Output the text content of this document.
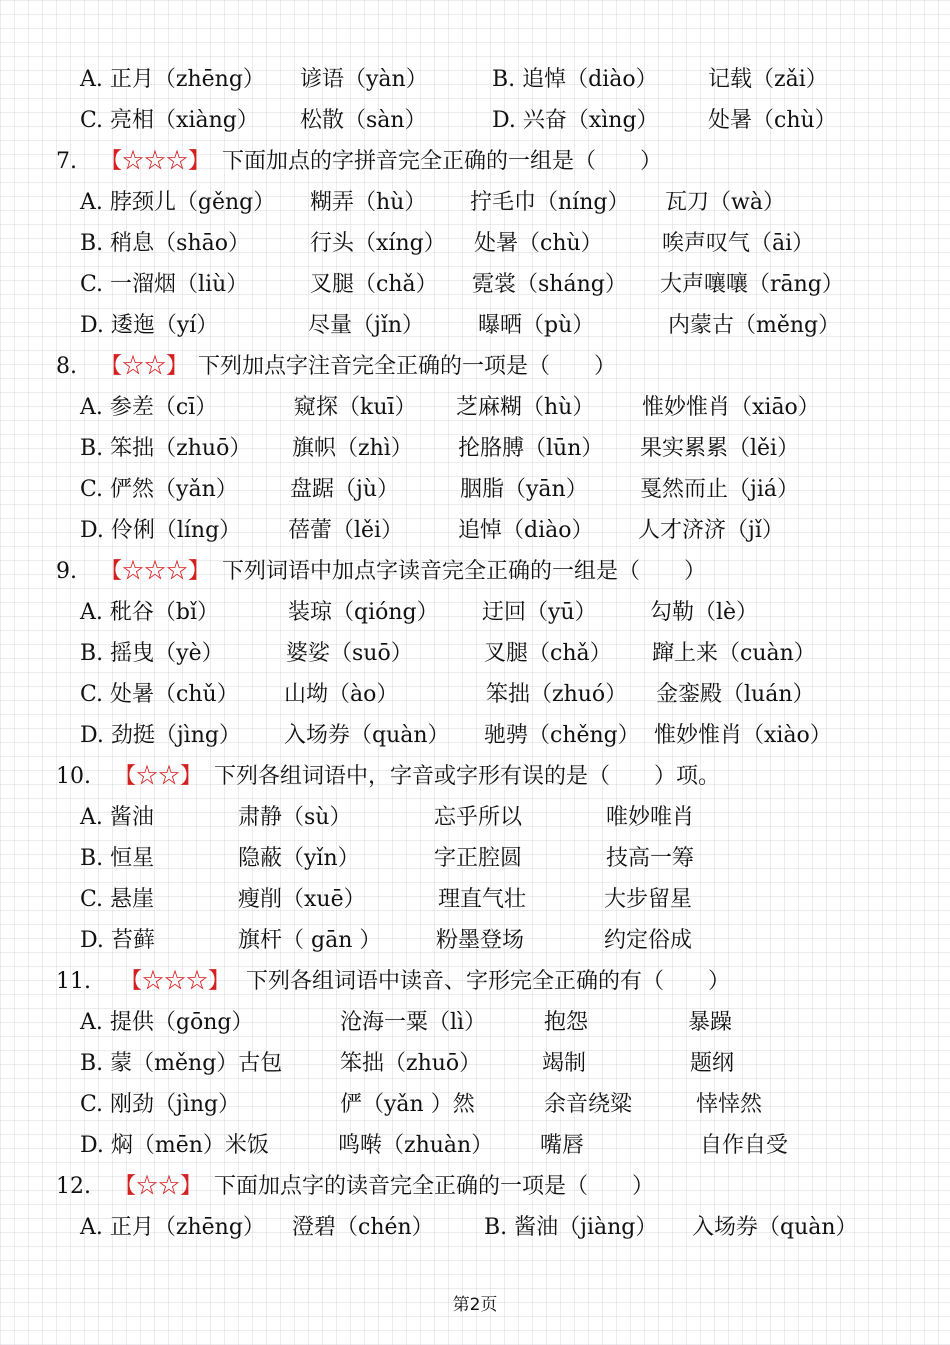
A. 正月（zhēng） 谚语（yàn）	B. 追悼（diào） 记载（zǎi）
C. 亮相（xiàng） 松散（sàn）	D. 兴奋（xìng） 处暑（chù）
7. 【☆☆☆】 下面加点的字拼音完全正确的一组是（　　）
A. 脖颈儿（gěng） 糊弄（hù） 拧毛巾（níng） 瓦刀（wà）
B. 稍息（shāo）	行头（xíng） 处暑（chù）	唉声叹气（āi）
C. 一溜烟（liù）	叉腿（chǎ） 霓裳（sháng） 大声嚷嚷（rāng）
D. 逶迤（yí）	尽量（jǐn） 曝晒（pù）	内蒙古（měng）
8. 【☆☆】 下列加点字注音完全正确的一项是（　　）
A. 参差（cī）	窥探（kuī） 芝麻糊（hù） 惟妙惟肖（xiāo）
B. 笨拙（zhuō） 旗帜（zhì） 抡胳膊（lūn） 果实累累（lěi）
C. 俨然（yǎn） 盘踞（jù）	胭脂（yān） 戛然而止（jiá）
D. 伶俐（líng） 蓓蕾（lěi） 追悼（diào） 人才济济（jǐ）
9. 【☆☆☆】 下列词语中加点字读音完全正确的一组是（　　）
A. 秕谷（bǐ）	装琼（qióng） 迂回（yū） 勾勒（lè）
B. 摇曳（yè）	婆娑（suō）	叉腿（chǎ） 蹿上来（cuàn）
C. 处暑（chǔ） 山坳（ào）	笨拙（zhuó） 金銮殿（luán）
D. 劲挺（jìng） 入场券（quàn） 驰骋（chěng） 惟妙惟肖（xiào）
10. 【☆☆】 下列各组词语中，字音或字形有误的是（　　）项。
A. 酱油	肃静（sù）	忘乎所以	唯妙唯肖
B. 恒星	隐蔽（yǐn）	字正腔圆	技高一筹
C. 悬崖	瘦削（xuē）	理直气壮	大步留星
D. 苔藓	旗杆（ gān ） 粉墨登场	约定俗成
11. 【☆☆☆】 下列各组词语中读音、字形完全正确的有（　　）
A. 提供（gōng）	沧海一粟（lì）	抱怨	暴躁
B. 蒙（měng）古包	笨拙（zhuō）	竭制	题纲
C. 刚劲（jìng）	俨（yǎn ）然	余音绕粱	悻悻然
D. 焖（mēn）米饭	鸣啭（zhuàn） 嘴唇	自作自受
12. 【☆☆】 下面加点字的读音完全正确的一项是（　　）
A. 正月（zhēng） 澄碧（chén） B. 酱油（jiàng） 入场券（quàn）
第2页
